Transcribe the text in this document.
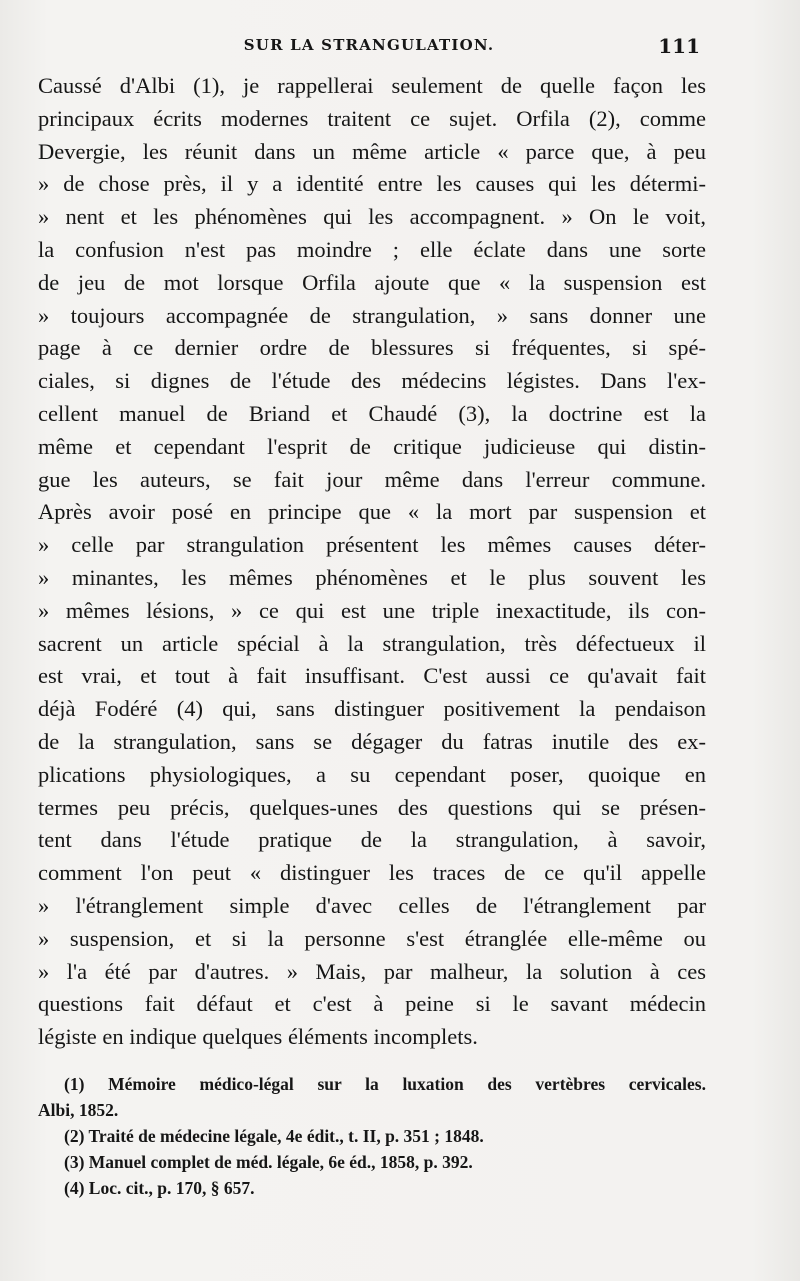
SUR LA STRANGULATION.	111
Caussé d'Albi (1), je rappellerai seulement de quelle façon les
principaux écrits modernes traitent ce sujet. Orfila (2), comme
Devergie, les réunit dans un même article « parce que, à peu
» de chose près, il y a identité entre les causes qui les détermi-
» nent et les phénomènes qui les accompagnent. » On le voit,
la confusion n'est pas moindre ; elle éclate dans une sorte
de jeu de mot lorsque Orfila ajoute que « la suspension est
» toujours accompagnée de strangulation, » sans donner une
page à ce dernier ordre de blessures si fréquentes, si spé-
ciales, si dignes de l'étude des médecins légistes. Dans l'ex-
cellent manuel de Briand et Chaudé (3), la doctrine est la
même et cependant l'esprit de critique judicieuse qui distin-
gue les auteurs, se fait jour même dans l'erreur commune.
Après avoir posé en principe que « la mort par suspension et
» celle par strangulation présentent les mêmes causes déter-
» minantes, les mêmes phénomènes et le plus souvent les
» mêmes lésions, » ce qui est une triple inexactitude, ils con-
sacrent un article spécial à la strangulation, très défectueux il
est vrai, et tout à fait insuffisant. C'est aussi ce qu'avait fait
déjà Fodéré (4) qui, sans distinguer positivement la pendaison
de la strangulation, sans se dégager du fatras inutile des ex-
plications physiologiques, a su cependant poser, quoique en
termes peu précis, quelques-unes des questions qui se présen-
tent dans l'étude pratique de la strangulation, à savoir,
comment l'on peut « distinguer les traces de ce qu'il appelle
» l'étranglement simple d'avec celles de l'étranglement par
» suspension, et si la personne s'est étranglée elle-même ou
» l'a été par d'autres. » Mais, par malheur, la solution à ces
questions fait défaut et c'est à peine si le savant médecin
légiste en indique quelques éléments incomplets.
(1) Mémoire médico-légal sur la luxation des vertèbres cervicales.
Albi, 1852.
(2) Traité de médecine légale, 4e édit., t. II, p. 351 ; 1848.
(3) Manuel complet de méd. légale, 6e éd., 1858, p. 392.
(4) Loc. cit., p. 170, § 657.
